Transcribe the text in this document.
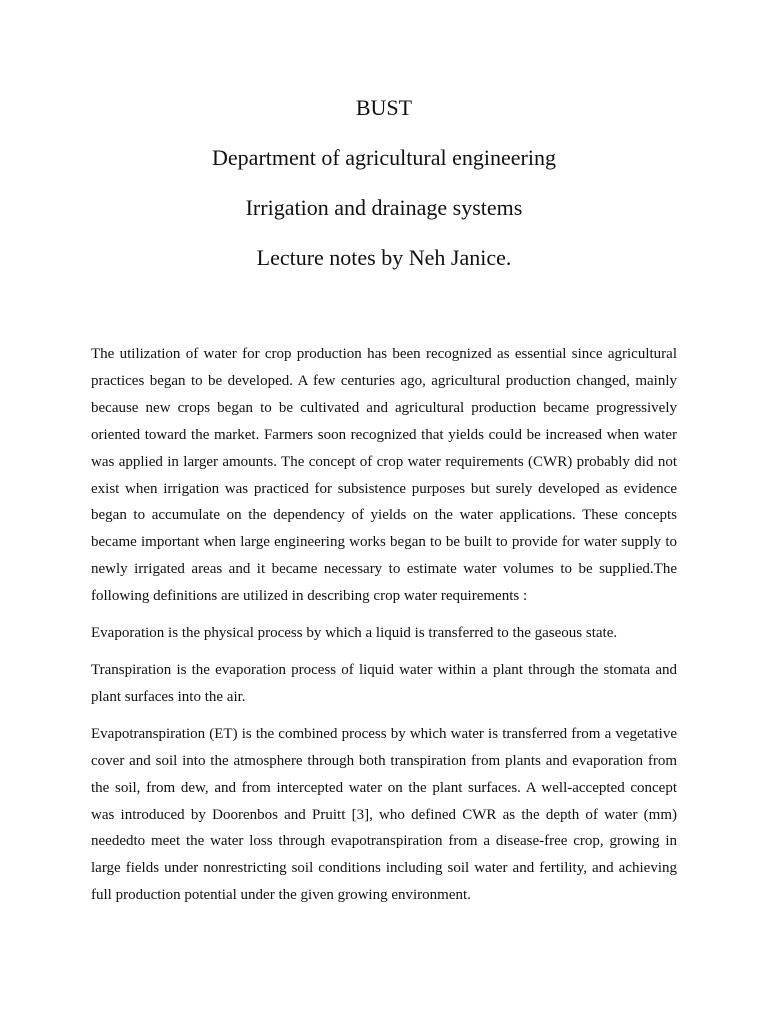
BUST
Department of agricultural engineering
Irrigation and drainage systems
Lecture notes by Neh Janice.

The utilization of water for crop production has been recognized as essential since agricultural practices began to be developed. A few centuries ago, agricultural production changed, mainly because new crops began to be cultivated and agricultural production became progressively oriented toward the market. Farmers soon recognized that yields could be increased when water was applied in larger amounts. The concept of crop water requirements (CWR) probably did not exist when irrigation was practiced for subsistence purposes but surely developed as evidence began to accumulate on the dependency of yields on the water applications. These concepts became important when large engineering works began to be built to provide for water supply to newly irrigated areas and it became necessary to estimate water volumes to be supplied.The following definitions are utilized in describing crop water requirements :

Evaporation is the physical process by which a liquid is transferred to the gaseous state.

Transpiration is the evaporation process of liquid water within a plant through the stomata and plant surfaces into the air.

Evapotranspiration (ET) is the combined process by which water is transferred from a vegetative cover and soil into the atmosphere through both transpiration from plants and evaporation from the soil, from dew, and from intercepted water on the plant surfaces. A well-accepted concept was introduced by Doorenbos and Pruitt [3], who defined CWR as the depth of water (mm) neededto meet the water loss through evapotranspiration from a disease-free crop, growing in large fields under nonrestricting soil conditions including soil water and fertility, and achieving full production potential under the given growing environment.
